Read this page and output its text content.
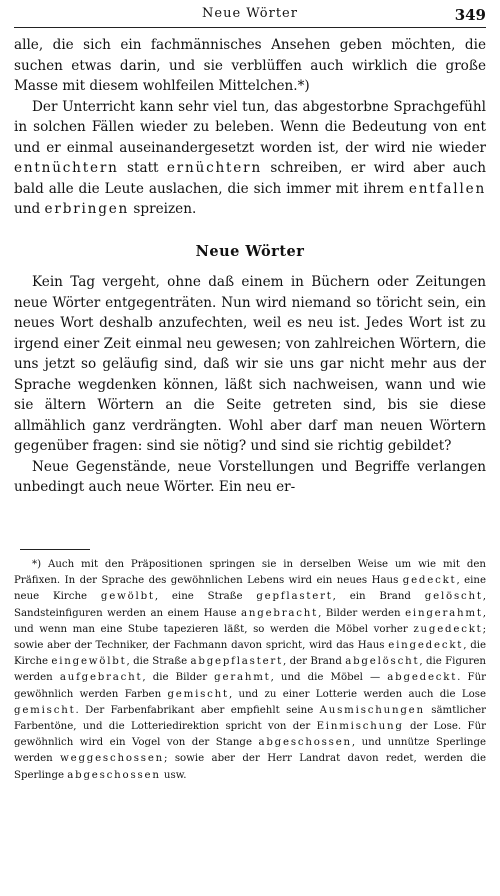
Neue Wörter	349

alle, die sich ein fachmännisches Ansehen geben möchten, die suchen etwas darin, und sie verblüffen auch wirklich die große Masse mit diesem wohlfeilen Mittelchen.*)

Der Unterricht kann sehr viel tun, das abgestorbne Sprachgefühl in solchen Fällen wieder zu beleben. Wenn die Bedeutung von ent und er einmal auseinandergesetzt worden ist, der wird nie wieder entnüchtern statt ernüchtern schreiben, er wird aber auch bald alle die Leute auslachen, die sich immer mit ihrem entfallen und erbringen spreizen.

Neue Wörter

Kein Tag vergeht, ohne daß einem in Büchern oder Zeitungen neue Wörter entgegenträten. Nun wird niemand so töricht sein, ein neues Wort deshalb anzufechten, weil es neu ist. Jedes Wort ist zu irgend einer Zeit einmal neu gewesen; von zahlreichen Wörtern, die uns jetzt so geläufig sind, daß wir sie uns gar nicht mehr aus der Sprache wegdenken können, läßt sich nachweisen, wann und wie sie ältern Wörtern an die Seite getreten sind, bis sie diese allmählich ganz verdrängten. Wohl aber darf man neuen Wörtern gegenüber fragen: sind sie nötig? und sind sie richtig gebildet?

Neue Gegenstände, neue Vorstellungen und Begriffe verlangen unbedingt auch neue Wörter. Ein neu er-

*) Auch mit den Präpositionen springen sie in derselben Weise um wie mit den Präfixen. In der Sprache des gewöhnlichen Lebens wird ein neues Haus gedeckt, eine neue Kirche gewölbt, eine Straße gepflastert, ein Brand gelöscht, Sandsteinfiguren werden an einem Hause angebracht, Bilder werden eingerahmt, und wenn man eine Stube tapezieren läßt, so werden die Möbel vorher zugedeckt; sowie aber der Techniker, der Fachmann davon spricht, wird das Haus eingedeckt, die Kirche eingewölbt, die Straße abgepflastert, der Brand abgelöscht, die Figuren werden aufgebracht, die Bilder gerahmt, und die Möbel — abgedeckt. Für gewöhnlich werden Farben gemischt, und zu einer Lotterie werden auch die Lose gemischt. Der Farbenfabrikant aber empfiehlt seine Ausmischungen sämtlicher Farbentöne, und die Lotteriedirektion spricht von der Einmischung der Lose. Für gewöhnlich wird ein Vogel von der Stange abgeschossen, und unnütze Sperlinge werden weggeschossen; sowie aber der Herr Landrat davon redet, werden die Sperlinge abgeschossen usw.
